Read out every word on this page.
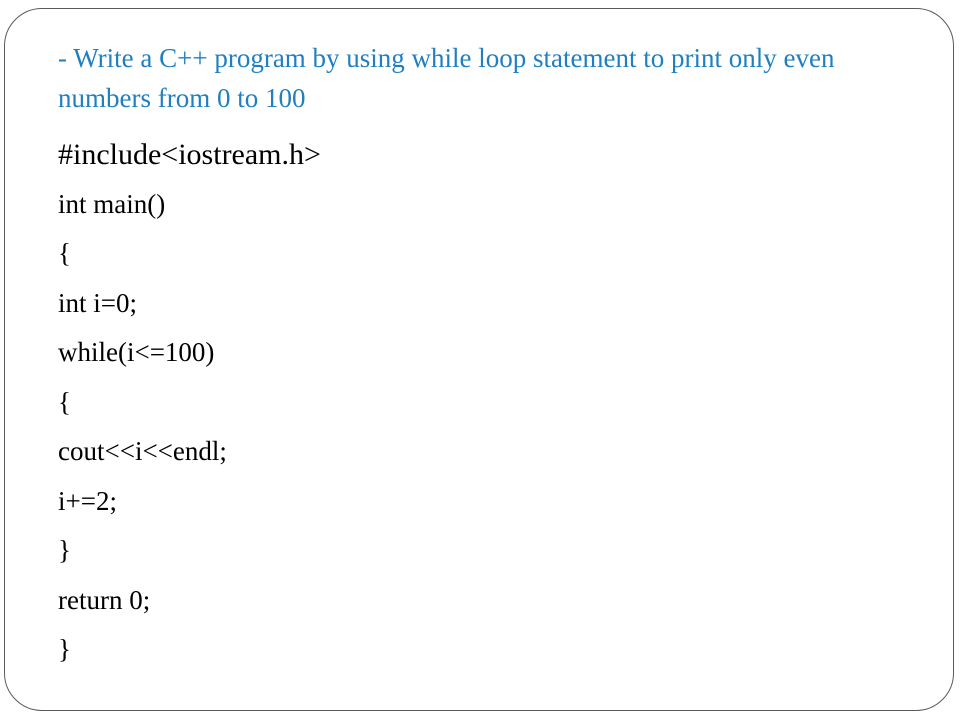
- Write a C++ program by using while loop statement to print only even numbers from 0 to 100

#include<iostream.h>
int main()
{
int i=0;
while(i<=100)
{
cout<<i<<endl;
i+=2;
}
return 0;
}
